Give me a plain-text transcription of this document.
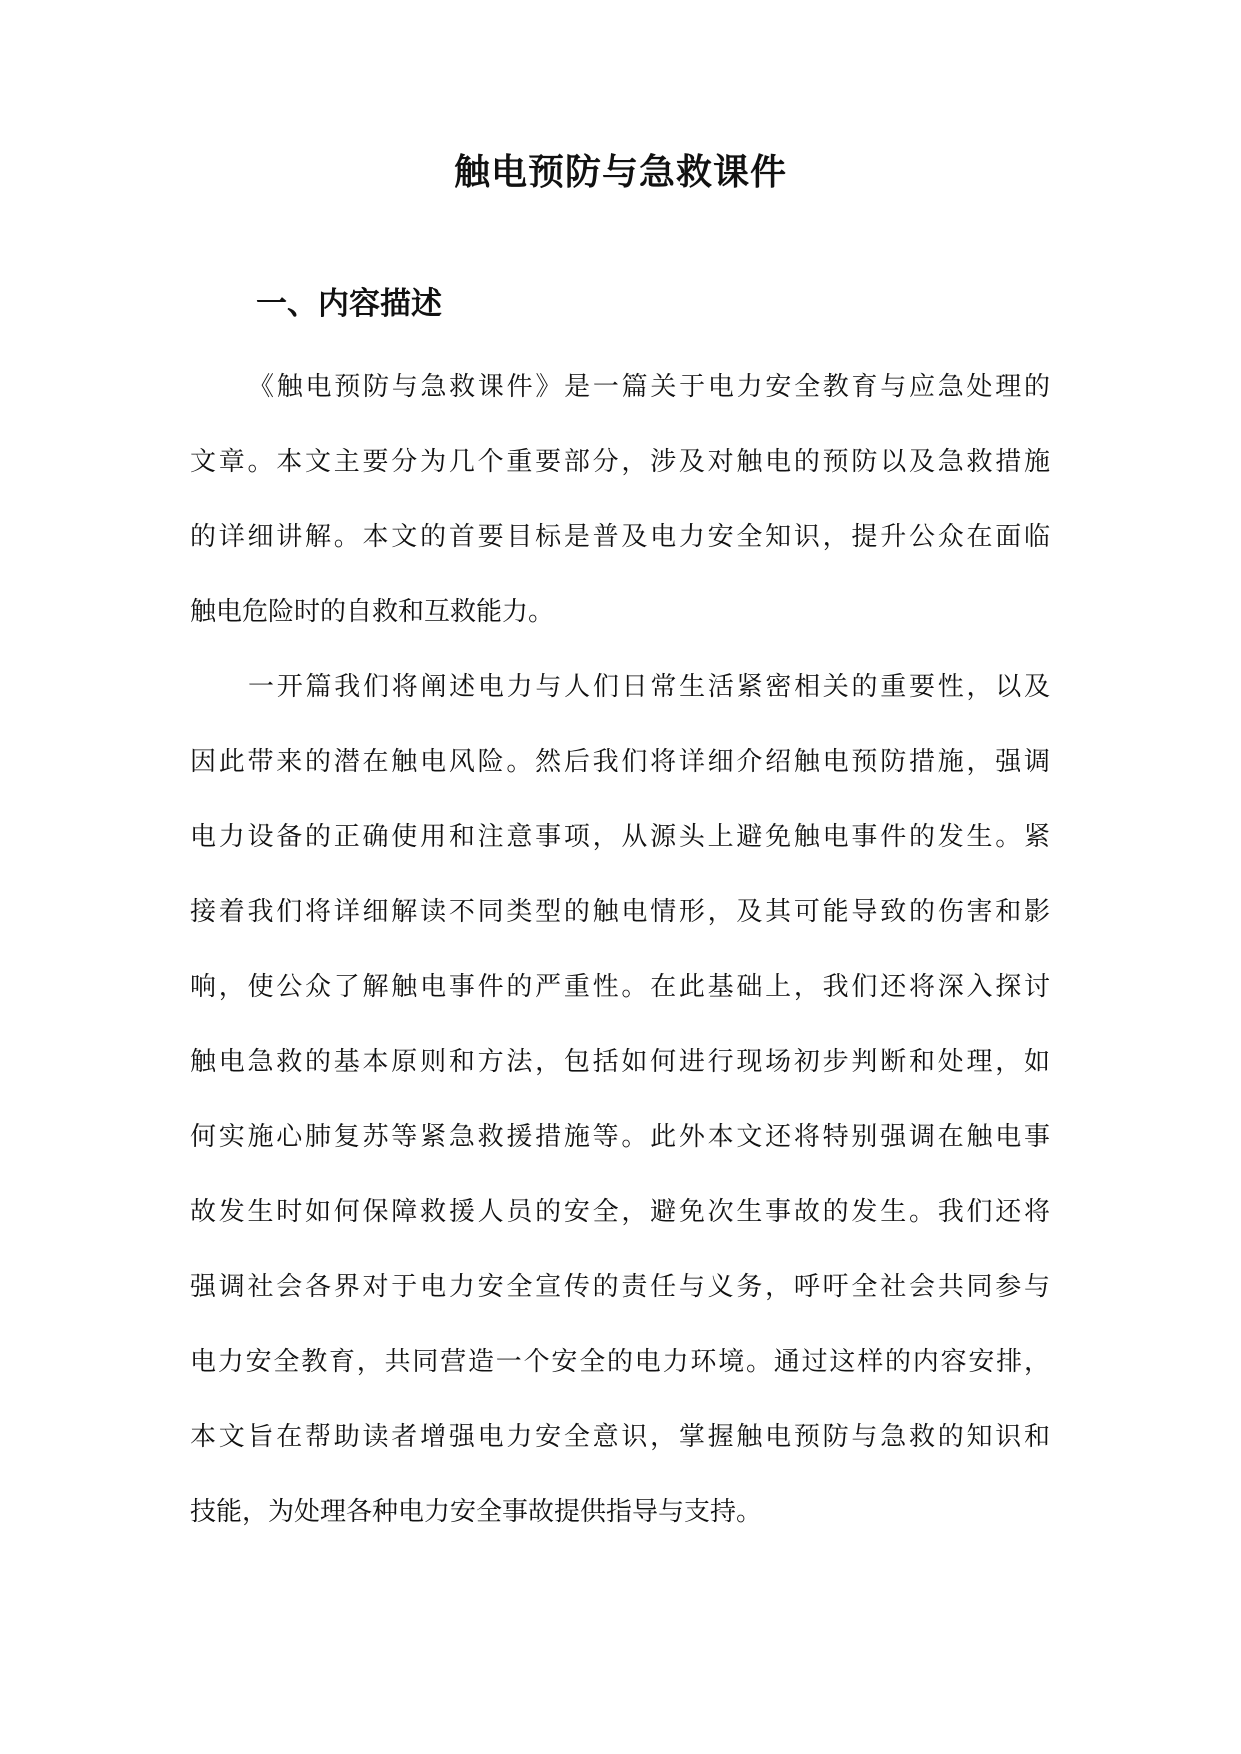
触电预防与急救课件
一、内容描述
《触电预防与急救课件》是一篇关于电力安全教育与应急处理的
文章。本文主要分为几个重要部分，涉及对触电的预防以及急救措施
的详细讲解。本文的首要目标是普及电力安全知识，提升公众在面临
触电危险时的自救和互救能力。
一开篇我们将阐述电力与人们日常生活紧密相关的重要性，以及
因此带来的潜在触电风险。然后我们将详细介绍触电预防措施，强调
电力设备的正确使用和注意事项，从源头上避免触电事件的发生。紧
接着我们将详细解读不同类型的触电情形，及其可能导致的伤害和影
响，使公众了解触电事件的严重性。在此基础上，我们还将深入探讨
触电急救的基本原则和方法，包括如何进行现场初步判断和处理，如
何实施心肺复苏等紧急救援措施等。此外本文还将特别强调在触电事
故发生时如何保障救援人员的安全，避免次生事故的发生。我们还将
强调社会各界对于电力安全宣传的责任与义务，呼吁全社会共同参与
电力安全教育，共同营造一个安全的电力环境。通过这样的内容安排，
本文旨在帮助读者增强电力安全意识，掌握触电预防与急救的知识和
技能，为处理各种电力安全事故提供指导与支持。
